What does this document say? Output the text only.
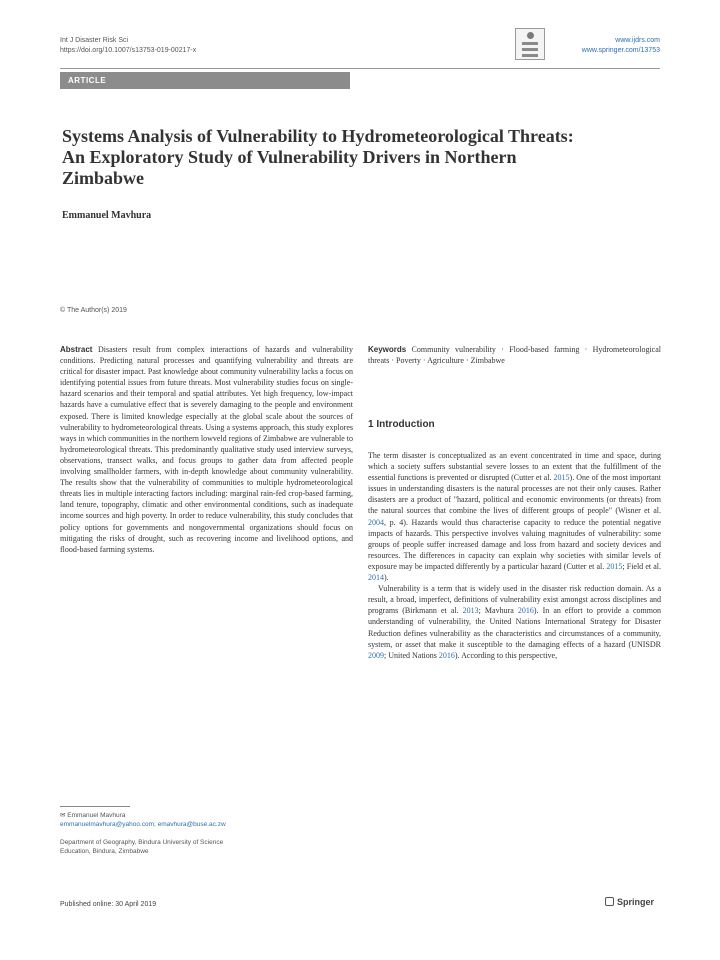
Int J Disaster Risk Sci
https://doi.org/10.1007/s13753-019-00217-x
www.ijdrs.com
www.springer.com/13753
ARTICLE
Systems Analysis of Vulnerability to Hydrometeorological Threats: An Exploratory Study of Vulnerability Drivers in Northern Zimbabwe
Emmanuel Mavhura
© The Author(s) 2019
Abstract Disasters result from complex interactions of hazards and vulnerability conditions. Predicting natural processes and quantifying vulnerability and threats are critical for disaster impact. Past knowledge about community vulnerability lacks a focus on identifying potential issues from future threats. Most vulnerability studies focus on single-hazard scenarios and their temporal and spatial attributes. Yet high frequency, low-impact hazards have a cumulative effect that is severely damaging to the people and environment exposed. There is limited knowledge especially at the global scale about the sources of vulnerability to hydrometeorological threats. Using a systems approach, this study explores ways in which communities in the northern lowveld regions of Zimbabwe are vulnerable to hydrometeorological threats. This predominantly qualitative study used interview surveys, observations, transect walks, and focus groups to gather data from affected people involving smallholder farmers, with in-depth knowledge about community vulnerability. The results show that the vulnerability of communities to multiple hydrometeorological threats lies in multiple interacting factors including: marginal rain-fed crop-based farming, land tenure, topography, climatic and other environmental conditions, such as inadequate income sources and high poverty. In order to reduce vulnerability, this study concludes that policy options for governments and nongovernmental organizations should focus on mitigating the risks of drought, such as recovering income and livelihood options, and flood-based farming systems.
Keywords Community vulnerability · Flood-based farming · Hydrometeorological threats · Poverty · Agriculture · Zimbabwe
1 Introduction

The term disaster is conceptualized as an event concentrated in time and space, during which a society suffers substantial severe losses to an extent that the fulfillment of the essential functions is prevented or disrupted (Cutter et al. 2015). One of the most important issues in understanding disasters is the natural processes are not their only causes. Rather disasters are a product of "hazard, political and economic environments (or threats) from the natural sources that combine the lives of different groups of people" (Wisner et al. 2004, p. 4). Hazards would thus characterise capacity to reduce the potential negative impacts of hazards. This perspective involves valuing magnitudes of vulnerability: some groups of people suffer increased damage and loss from hazard and society devices and resources. The differences in capacity can explain why societies with similar levels of exposure may be impacted differently by a particular hazard (Cutter et al. 2015; Field et al. 2014).

Vulnerability is a term that is widely used in the disaster risk reduction domain. As a result, a broad, imperfect, definitions of vulnerability exist amongst across disciplines and programs (Birkmann et al. 2013; Mavhura 2016). In an effort to provide a common understanding of vulnerability, the United Nations International Strategy for Disaster Reduction defines vulnerability as the characteristics and circumstances of a community, system, or asset that make it susceptible to the damaging effects of a hazard (UNISDR 2009; United Nations 2016). According to this perspective,

✉ Emmanuel Mavhura
emmanuelmavhura@yahoo.com; emavhura@buse.ac.zw
Department of Geography, Bindura University of Science
Education, Bindura, Zimbabwe
Published online: 30 April 2019	Springer
